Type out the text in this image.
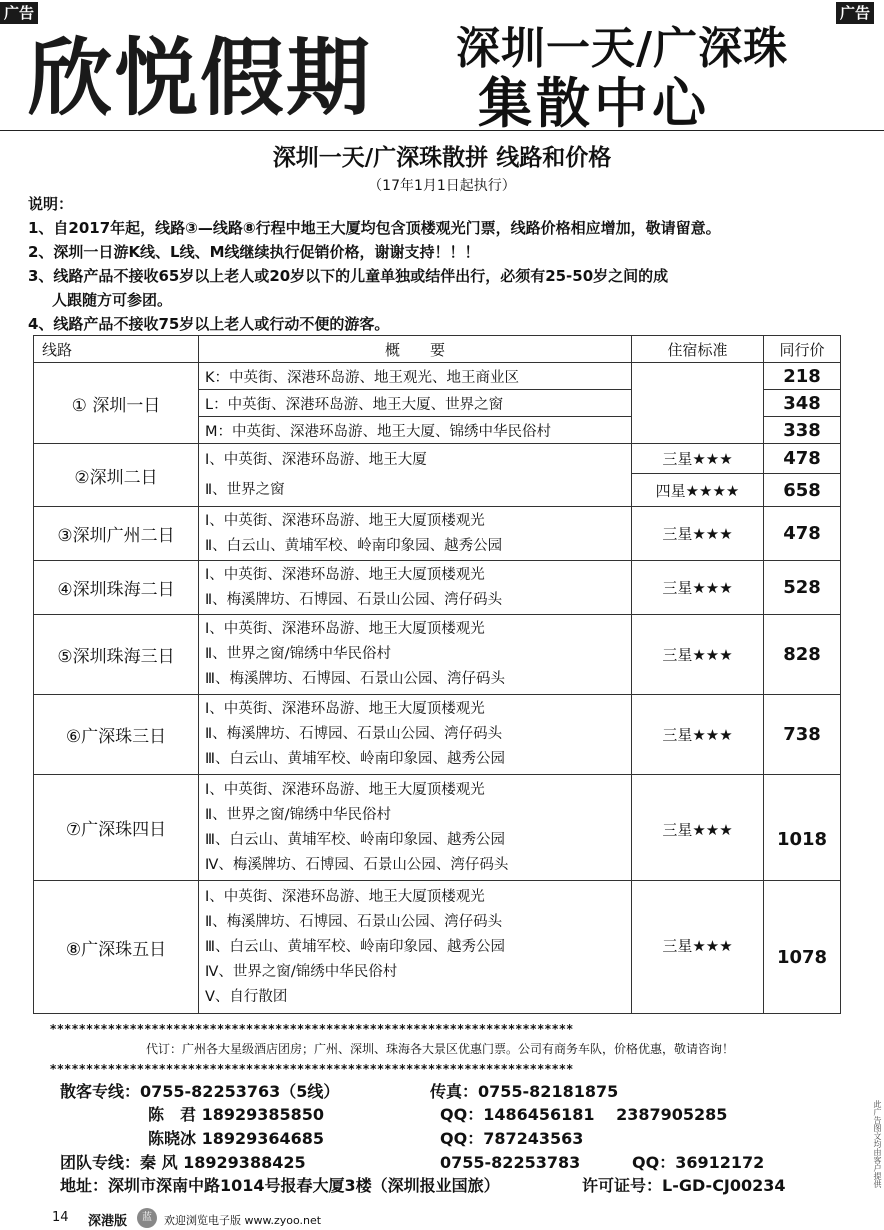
广告	广告
欣悦假期 深圳一天/广深珠
集散中心
深圳一天/广深珠散拼 线路和价格
（17年1月1日起执行）
说明：
1、自2017年起，线路③—线路⑧行程中地王大厦均包含顶楼观光门票，线路价格相应增加，敬请留意。
2、深圳一日游K线、L线、M线继续执行促销价格，谢谢支持！！！
3、线路产品不接收65岁以上老人或20岁以下的儿童单独或结伴出行，必须有25-50岁之间的成
人跟随方可参团。
4、线路产品不接收75岁以上老人或行动不便的游客。
线路	概　　要	住宿标准	同行价
① 深圳一日	K：中英街、深港环岛游、地王观光、地王商业区		218
	L：中英街、深港环岛游、地王大厦、世界之窗		348
	M：中英街、深港环岛游、地王大厦、锦绣中华民俗村		338
②深圳二日	Ⅰ、中英街、深港环岛游、地王大厦
Ⅱ、世界之窗	三星★★★	478
		四星★★★★	658
③深圳广州二日	Ⅰ、中英街、深港环岛游、地王大厦顶楼观光
Ⅱ、白云山、黄埔军校、岭南印象园、越秀公园	三星★★★	478
④深圳珠海二日	Ⅰ、中英街、深港环岛游、地王大厦顶楼观光
Ⅱ、梅溪牌坊、石博园、石景山公园、湾仔码头	三星★★★	528
⑤深圳珠海三日	Ⅰ、中英街、深港环岛游、地王大厦顶楼观光
Ⅱ、世界之窗/锦绣中华民俗村
Ⅲ、梅溪牌坊、石博园、石景山公园、湾仔码头	三星★★★	828
⑥广深珠三日	Ⅰ、中英街、深港环岛游、地王大厦顶楼观光
Ⅱ、梅溪牌坊、石博园、石景山公园、湾仔码头
Ⅲ、白云山、黄埔军校、岭南印象园、越秀公园	三星★★★	738
⑦广深珠四日	Ⅰ、中英街、深港环岛游、地王大厦顶楼观光
Ⅱ、世界之窗/锦绣中华民俗村
Ⅲ、白云山、黄埔军校、岭南印象园、越秀公园
Ⅳ、梅溪牌坊、石博园、石景山公园、湾仔码头	三星★★★	1018
⑧广深珠五日	Ⅰ、中英街、深港环岛游、地王大厦顶楼观光
Ⅱ、梅溪牌坊、石博园、石景山公园、湾仔码头
Ⅲ、白云山、黄埔军校、岭南印象园、越秀公园
Ⅳ、世界之窗/锦绣中华民俗村
Ⅴ、自行散团	三星★★★	1078
************************************************************************
代订：广州各大星级酒店团房；广州、深圳、珠海各大景区优惠门票。公司有商务车队，价格优惠，敬请咨询！
************************************************************************
散客专线：0755-82253763（5线）	传真：0755-82181875
陈　君 18929385850	QQ：1486456181　 2387905285
陈晓冰 18929364685	QQ：787243563
团队专线：秦 风 18929388425	0755-82253783	QQ：36912172
地址：深圳市深南中路1014号报春大厦3楼（深圳报业国旅）	许可证号：L-GD-CJ00234	此广告图文均由客户提供
14 深港版	蓝	欢迎浏览电子版 www.zyoo.net
